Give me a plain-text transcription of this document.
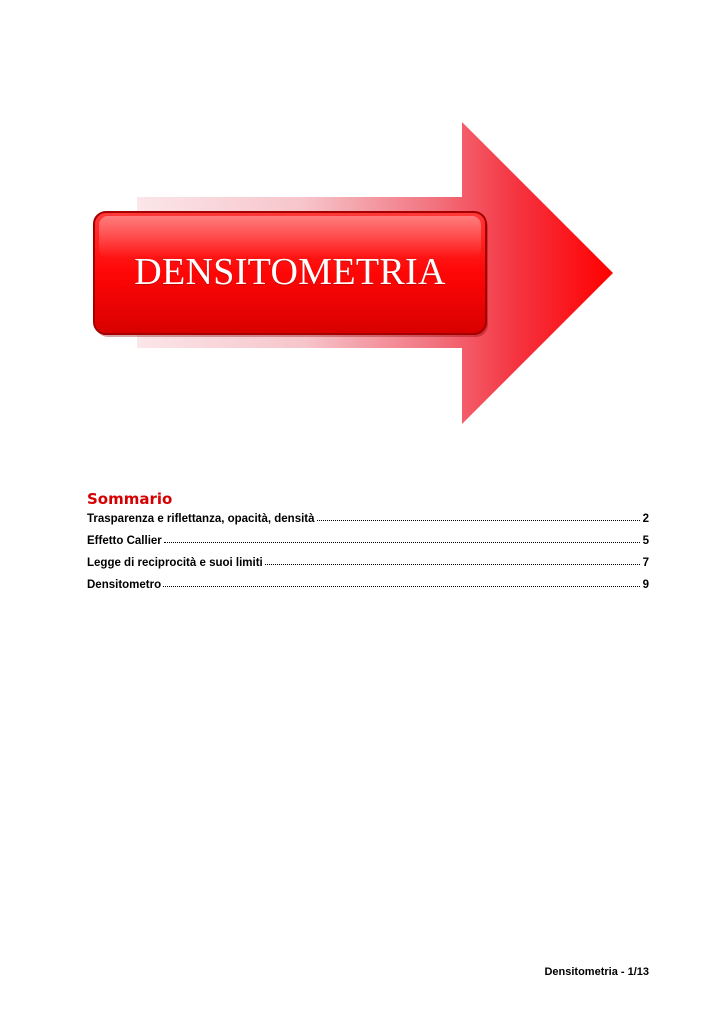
DENSITOMETRIA
Sommario
Trasparenza e riflettanza, opacità, densità	2
Effetto Callier	5
Legge di reciprocità e suoi limiti	7
Densitometro	9
Densitometria - 1/13
